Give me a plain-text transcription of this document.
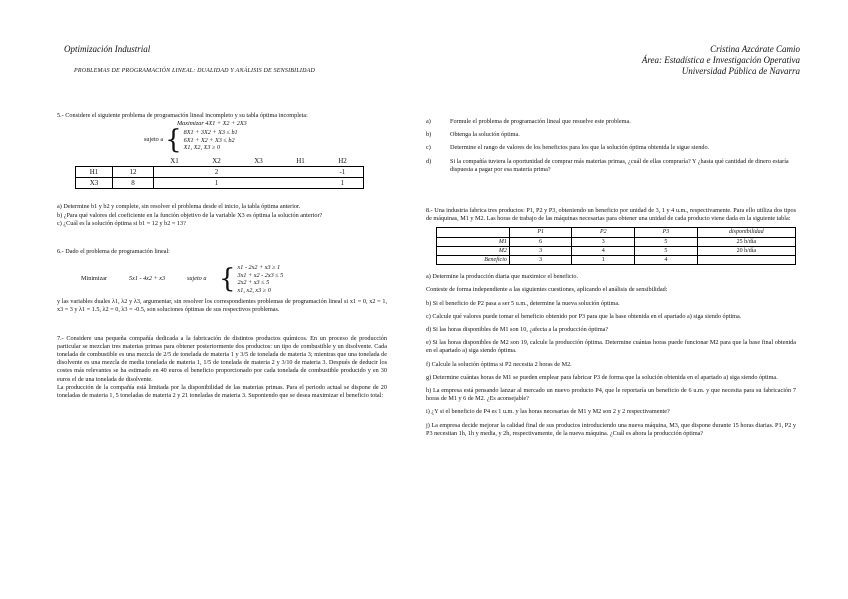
Optimización Industrial
PROBLEMAS DE PROGRAMACIÓN LINEAL: DUALIDAD Y ANÁLISIS DE SENSIBILIDAD
Cristina Azcárate Camio
Área: Estadística e Investigación Operativa
Universidad Pública de Navarra

5.- Considere el siguiente problema de programación lineal incompleto y su tabla óptima incompleta:

Maximizar 4X1 + X2 + 2X3

sujeto a { 8X1 + 3X2 + X3 ≤ b1
6X1 + X2 + X3 ≤ b2
X1, X2, X3 ≥ 0
		X1	X2	X3	H1	H2
H1	12		2			-1
X3	8		1			1

a) Determine b1 y b2 y complete, sin resolver el problema desde el inicio, la tabla óptima anterior.

b) ¿Para qué valores del coeficiente en la función objetivo de la variable X3 es óptima la solución anterior?

c) ¿Cuál es la solución óptima si b1 = 12 y b2 = 13?

6.- Dado el problema de programación lineal:

Minimizar	5x1 - 4x2 + x3	sujeto a { x1 - 2x2 + x3 ≥ 1
3x1 + x2 - 2x3 ≤ 5
2x2 + x3 ≤ 5
x1, x2, x3 ≥ 0

y las variables duales λ1, λ2 y λ3, argumentar, sin resolver los correspondientes problemas de programación lineal si x1 = 0, x2 = 1, x3 = 3 y λ1 = 1.5, λ2 = 0, λ3 = -0.5, son soluciones óptimas de sus respectivos problemas.

7.- Considere una pequeña compañía dedicada a la fabricación de distintos productos químicos. En un proceso de producción particular se mezclan tres materias primas para obtener posteriormente dos productos: un tipo de combustible y un disolvente. Cada tonelada de combustible es una mezcla de 2/5 de tonelada de materia 1 y 3/5 de tonelada de materia 3; mientras que una tonelada de disolvente es una mezcla de media tonelada de materia 1, 1/5 de tonelada de materia 2 y 3/10 de materia 3. Después de deducir los costes más relevantes se ha estimado en 40 euros el beneficio proporcionado por cada tonelada de combustible producido y en 30 euros el de una tonelada de disolvente.

La producción de la compañía está limitada por la disponibilidad de las materias primas. Para el periodo actual se dispone de 20 toneladas de materia 1, 5 toneladas de materia 2 y 21 toneladas de materia 3. Suponiendo que se desea maximizar el beneficio total:

a)	Formule el problema de programación lineal que resuelve este problema.
b)	Obtenga la solución óptima.
c)	Determine el rango de valores de los beneficios para los que la solución óptima obtenida le sigue siendo.
d)	Si la compañía tuviera la oportunidad de comprar más materias primas, ¿cuál de ellas compraría? Y ¿hasta qué cantidad de dinero estaría dispuesta a pagar por esa materia prima?

8.- Una industria fabrica tres productos: P1, P2 y P3, obteniendo un beneficio por unidad de 3, 1 y 4 u.m., respectivamente. Para ello utiliza dos tipos de máquinas, M1 y M2. Las horas de trabajo de las máquinas necesarias para obtener una unidad de cada producto viene dada en la siguiente tabla:

	P1	P2	P3	disponibilidad
M1	6	3	5	25 h/día
M2	3	4	5	20 h/día
Beneficio	3	1	4	

a) Determine la producción diaria que maximice el beneficio.

Conteste de forma independiente a las siguientes cuestiones, aplicando el análisis de sensibilidad:

b) Si el beneficio de P2 pasa a ser 5 u.m., determine la nueva solución óptima.

c) Calcule qué valores puede tomar el beneficio obtenido por P3 para que la base obtenida en el apartado a) siga siendo óptima.

d) Si las horas disponibles de M1 son 10, ¿afecta a la producción óptima?

e) Si las horas disponibles de M2 son 19, calcule la producción óptima. Determine cuántas horas puede funcionar M2 para que la base final obtenida en el apartado a) siga siendo óptima.

f) Calcule la solución óptima si P2 necesita 2 horas de M2.

g) Determine cuántas horas de M1 se pueden emplear para fabricar P3 de forma que la solución obtenida en el apartado a) siga siendo óptima.

h) La empresa está pensando lanzar al mercado un nuevo producto P4, que le reportaría un beneficio de 6 u.m. y que necesita para su fabricación 7 horas de M1 y 6 de M2. ¿Es aconsejable?

i) ¿Y si el beneficio de P4 es 1 u.m. y las horas necesarias de M1 y M2 son 2 y 2 respectivamente?

j) La empresa decide mejorar la calidad final de sus productos introduciendo una nueva máquina, M3, que dispone durante 15 horas diarias. P1, P2 y P3 necesitan 1h, 1h y media, y 2h, respectivamente, de la nueva máquina. ¿Cuál es ahora la producción óptima?
